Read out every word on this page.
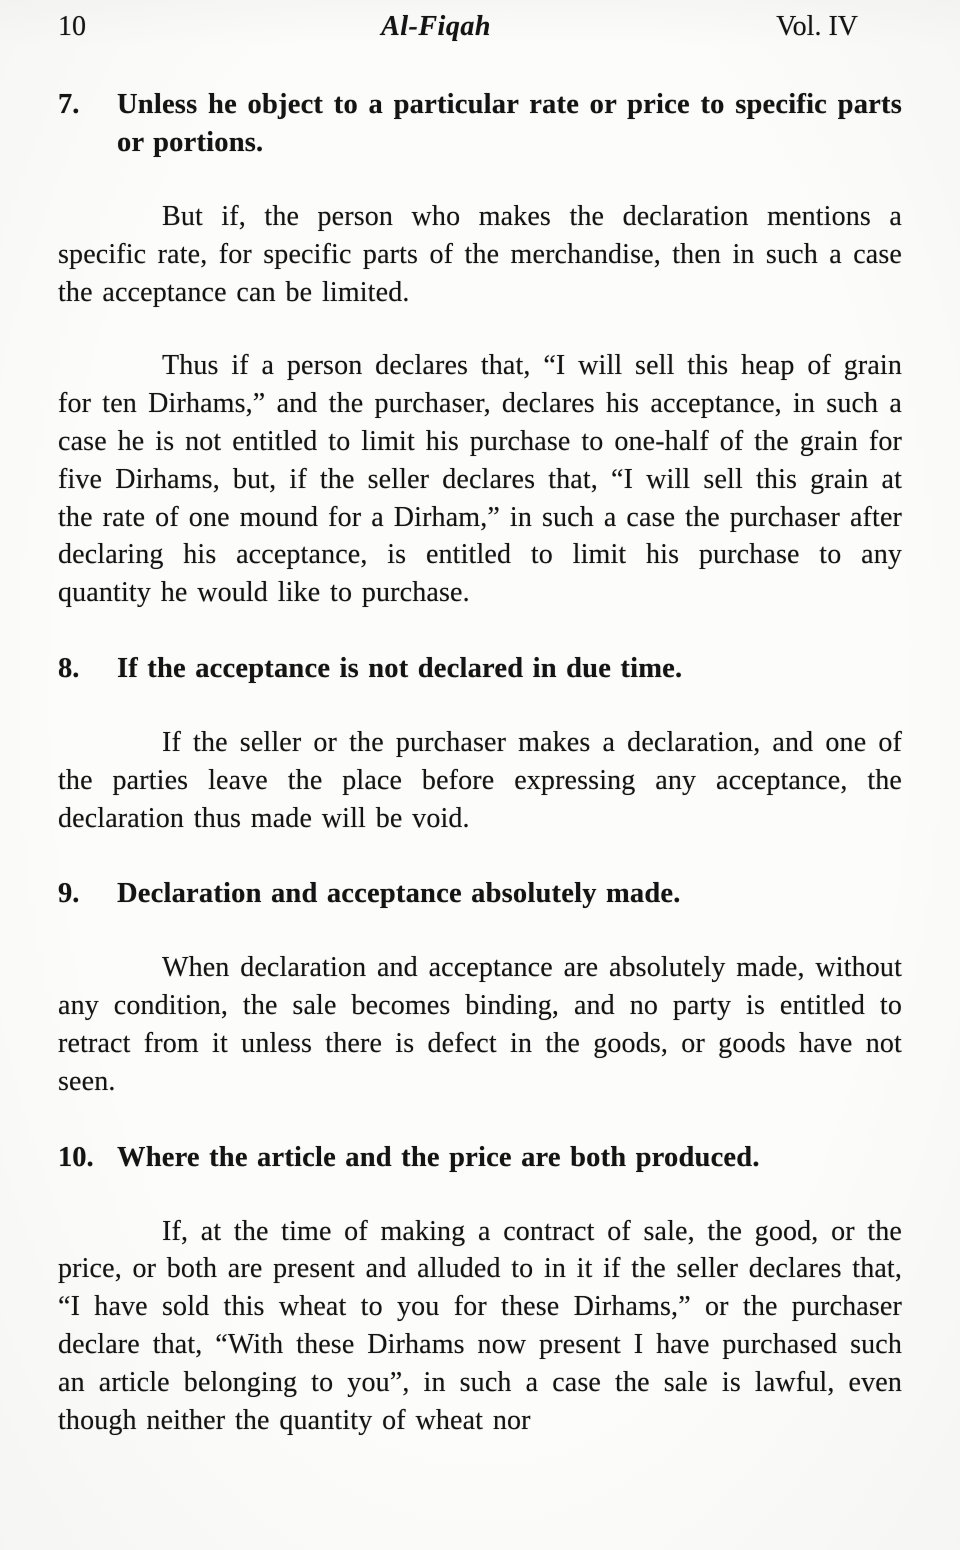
10	Al-Fiqah	Vol. IV
7.	Unless he object to a particular rate or price to specific parts or portions.

But if, the person who makes the declaration mentions a specific rate, for specific parts of the merchandise, then in such a case the acceptance can be limited.

Thus if a person declares that, “I will sell this heap of grain for ten Dirhams,” and the purchaser, declares his acceptance, in such a case he is not entitled to limit his purchase to one-half of the grain for five Dirhams, but, if the seller declares that, “I will sell this grain at the rate of one mound for a Dirham,” in such a case the purchaser after declaring his acceptance, is entitled to limit his purchase to any quantity he would like to purchase.

8.	If the acceptance is not declared in due time.

If the seller or the purchaser makes a declaration, and one of the parties leave the place before expressing any acceptance, the declaration thus made will be void.

9.	Declaration and acceptance absolutely made.

When declaration and acceptance are absolutely made, without any condition, the sale becomes binding, and no party is entitled to retract from it unless there is defect in the goods, or goods have not seen.

10. Where the article and the price are both produced.

If, at the time of making a contract of sale, the good, or the price, or both are present and alluded to in it if the seller declares that, “I have sold this wheat to you for these Dirhams,” or the purchaser declare that, “With these Dirhams now present I have purchased such an article belonging to you”, in such a case the sale is lawful, even though neither the quantity of wheat nor
